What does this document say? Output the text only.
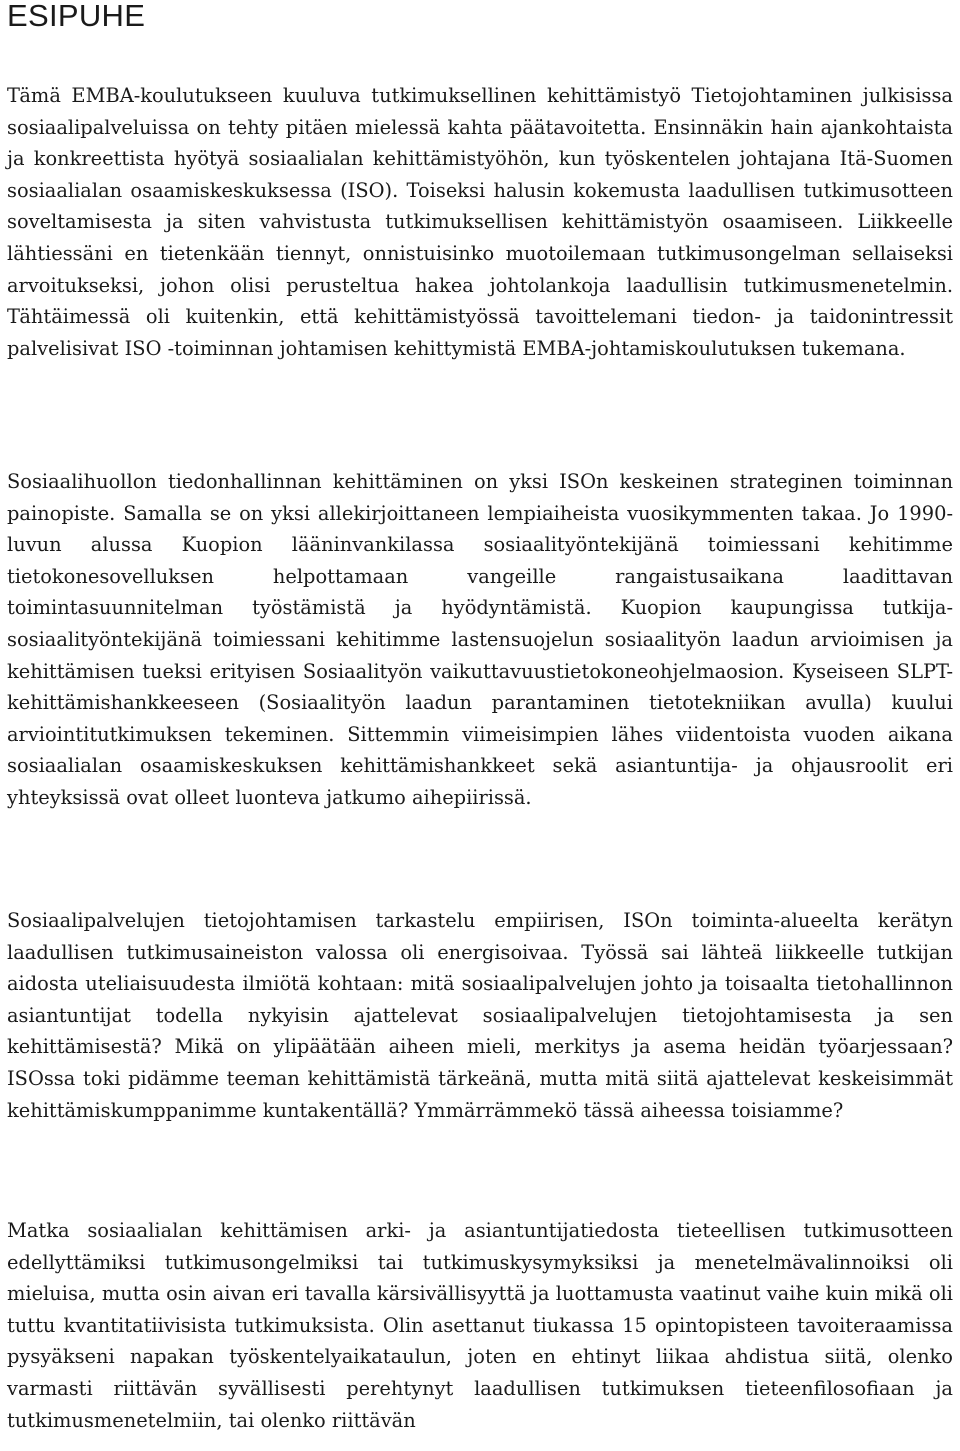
ESIPUHE

Tämä EMBA-koulutukseen kuuluva tutkimuksellinen kehittämistyö Tietojohtaminen julkisissa sosiaalipalveluissa on tehty pitäen mielessä kahta päätavoitetta. Ensinnäkin hain ajankohtaista ja konkreettista hyötyä sosiaalialan kehittämistyöhön, kun työskentelen johtajana Itä-Suomen sosiaalialan osaamiskeskuksessa (ISO). Toiseksi halusin kokemusta laadullisen tutkimusotteen soveltamisesta ja siten vahvistusta tutkimuksellisen kehittämistyön osaamiseen. Liikkeelle lähtiessäni en tietenkään tiennyt, onnistuisinko muotoilemaan tutkimusongelman sellaiseksi arvoitukseksi, johon olisi perusteltua hakea johtolankoja laadullisin tutkimusmenetelmin. Tähtäimessä oli kuitenkin, että kehittämistyössä tavoittelemani tiedon- ja taidonintressit palvelisivat ISO -toiminnan johtamisen kehittymistä EMBA-johtamiskoulutuksen tukemana.

Sosiaalihuollon tiedonhallinnan kehittäminen on yksi ISOn keskeinen strateginen toiminnan painopiste. Samalla se on yksi allekirjoittaneen lempiaiheista vuosikymmenten takaa. Jo 1990-luvun alussa Kuopion lääninvankilassa sosiaalityöntekijänä toimiessani kehitimme tietokonesovelluksen helpottamaan vangeille rangaistusaikana laadittavan toimintasuunnitelman työstämistä ja hyödyntämistä. Kuopion kaupungissa tutkija-sosiaalityöntekijänä toimiessani kehitimme lastensuojelun sosiaalityön laadun arvioimisen ja kehittämisen tueksi erityisen Sosiaalityön vaikuttavuustietokoneohjelmaosion. Kyseiseen SLPT-kehittämishankkeeseen (Sosiaalityön laadun parantaminen tietotekniikan avulla) kuului arviointitutkimuksen tekeminen. Sittemmin viimeisimpien lähes viidentoista vuoden aikana sosiaalialan osaamiskeskuksen kehittämishankkeet sekä asiantuntija- ja ohjausroolit eri yhteyksissä ovat olleet luonteva jatkumo aihepiirissä.

Sosiaalipalvelujen tietojohtamisen tarkastelu empiirisen, ISOn toiminta-alueelta kerätyn laadullisen tutkimusaineiston valossa oli energisoivaa. Työssä sai lähteä liikkeelle tutkijan aidosta uteliaisuudesta ilmiötä kohtaan: mitä sosiaalipalvelujen johto ja toisaalta tietohallinnon asiantuntijat todella nykyisin ajattelevat sosiaalipalvelujen tietojohtamisesta ja sen kehittämisestä? Mikä on ylipäätään aiheen mieli, merkitys ja asema heidän työarjessaan? ISOssa toki pidämme teeman kehittämistä tärkeänä, mutta mitä siitä ajattelevat keskeisimmät kehittämiskumppanimme kuntakentällä? Ymmärrämmekö tässä aiheessa toisiamme?

Matka sosiaalialan kehittämisen arki- ja asiantuntijatiedosta tieteellisen tutkimusotteen edellyttämiksi tutkimusongelmiksi tai tutkimuskysymyksiksi ja menetelmävalinnoiksi oli mieluisa, mutta osin aivan eri tavalla kärsivällisyyttä ja luottamusta vaatinut vaihe kuin mikä oli tuttu kvantitatiivisista tutkimuksista. Olin asettanut tiukassa 15 opintopisteen tavoiteraamissa pysyäkseni napakan työskentelyaikataulun, joten en ehtinyt liikaa ahdistua siitä, olenko varmasti riittävän syvällisesti perehtynyt laadullisen tutkimuksen tieteenfilosofiaan ja tutkimusmenetelmiin, tai olenko riittävän
